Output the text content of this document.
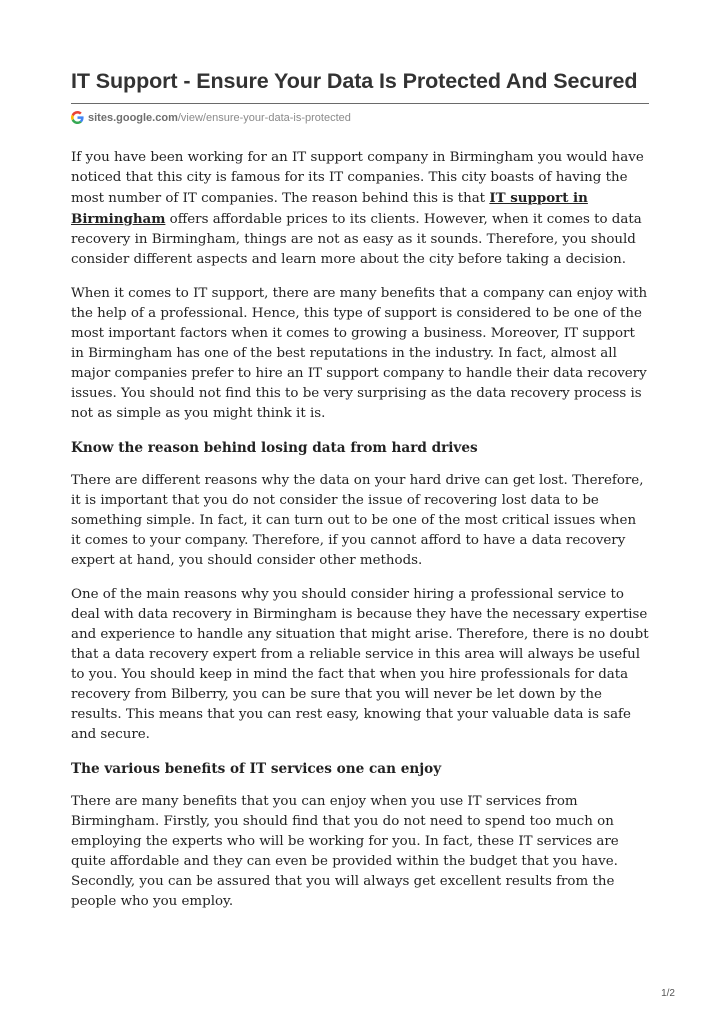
IT Support - Ensure Your Data Is Protected And Secured
sites.google.com /view/ensure-your-data-is-protected

If you have been working for an IT support company in Birmingham you would have noticed that this city is famous for its IT companies. This city boasts of having the most number of IT companies. The reason behind this is that IT support in Birmingham offers affordable prices to its clients. However, when it comes to data recovery in Birmingham, things are not as easy as it sounds. Therefore, you should consider different aspects and learn more about the city before taking a decision.

When it comes to IT support, there are many benefits that a company can enjoy with the help of a professional. Hence, this type of support is considered to be one of the most important factors when it comes to growing a business. Moreover, IT support in Birmingham has one of the best reputations in the industry. In fact, almost all major companies prefer to hire an IT support company to handle their data recovery issues. You should not find this to be very surprising as the data recovery process is not as simple as you might think it is.

Know the reason behind losing data from hard drives

There are different reasons why the data on your hard drive can get lost. Therefore, it is important that you do not consider the issue of recovering lost data to be something simple. In fact, it can turn out to be one of the most critical issues when it comes to your company. Therefore, if you cannot afford to have a data recovery expert at hand, you should consider other methods.

One of the main reasons why you should consider hiring a professional service to deal with data recovery in Birmingham is because they have the necessary expertise and experience to handle any situation that might arise. Therefore, there is no doubt that a data recovery expert from a reliable service in this area will always be useful to you. You should keep in mind the fact that when you hire professionals for data recovery from Bilberry, you can be sure that you will never be let down by the results. This means that you can rest easy, knowing that your valuable data is safe and secure.

The various benefits of IT services one can enjoy

There are many benefits that you can enjoy when you use IT services from Birmingham. Firstly, you should find that you do not need to spend too much on employing the experts who will be working for you. In fact, these IT services are quite affordable and they can even be provided within the budget that you have. Secondly, you can be assured that you will always get excellent results from the people who you employ.

1/2
